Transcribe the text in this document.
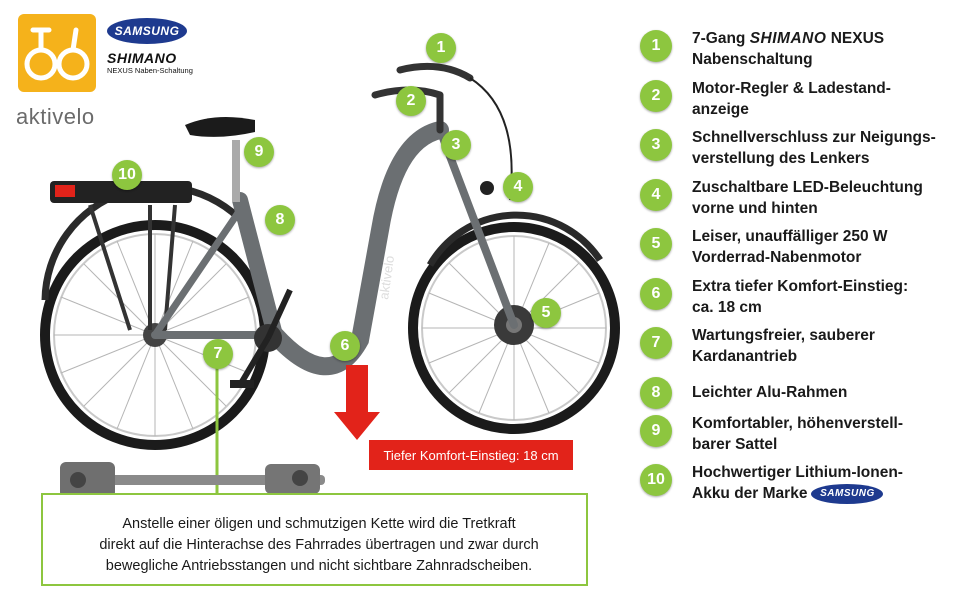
aktivelo
SAMSUNG
SHIMANO
NEXUS Naben-Schaltung
aktivelo
1
2
3
4
5
6
7
8
9
10
Tiefer Komfort-Einstieg: 18 cm
1	7-Gang SHIMANO NEXUS
Nabenschaltung
2	Motor-Regler & Ladestand-
anzeige
3	Schnellverschluss zur Neigungs-
verstellung des Lenkers
4	Zuschaltbare LED-Beleuchtung
vorne und hinten
5	Leiser, unauffälliger 250 W
Vorderrad-Nabenmotor
6	Extra tiefer Komfort-Einstieg:
ca. 18 cm
7	Wartungsfreier, sauberer
Kardanantrieb
8	Leichter Alu-Rahmen
9	Komfortabler, höhenverstell-
barer Sattel
10	Hochwertiger Lithium-Ionen-
Akku der Marke SAMSUNG
Anstelle einer öligen und schmutzigen Kette wird die Tretkraft
direkt auf die Hinterachse des Fahrrades übertragen und zwar durch
bewegliche Antriebsstangen und nicht sichtbare Zahnradscheiben.
